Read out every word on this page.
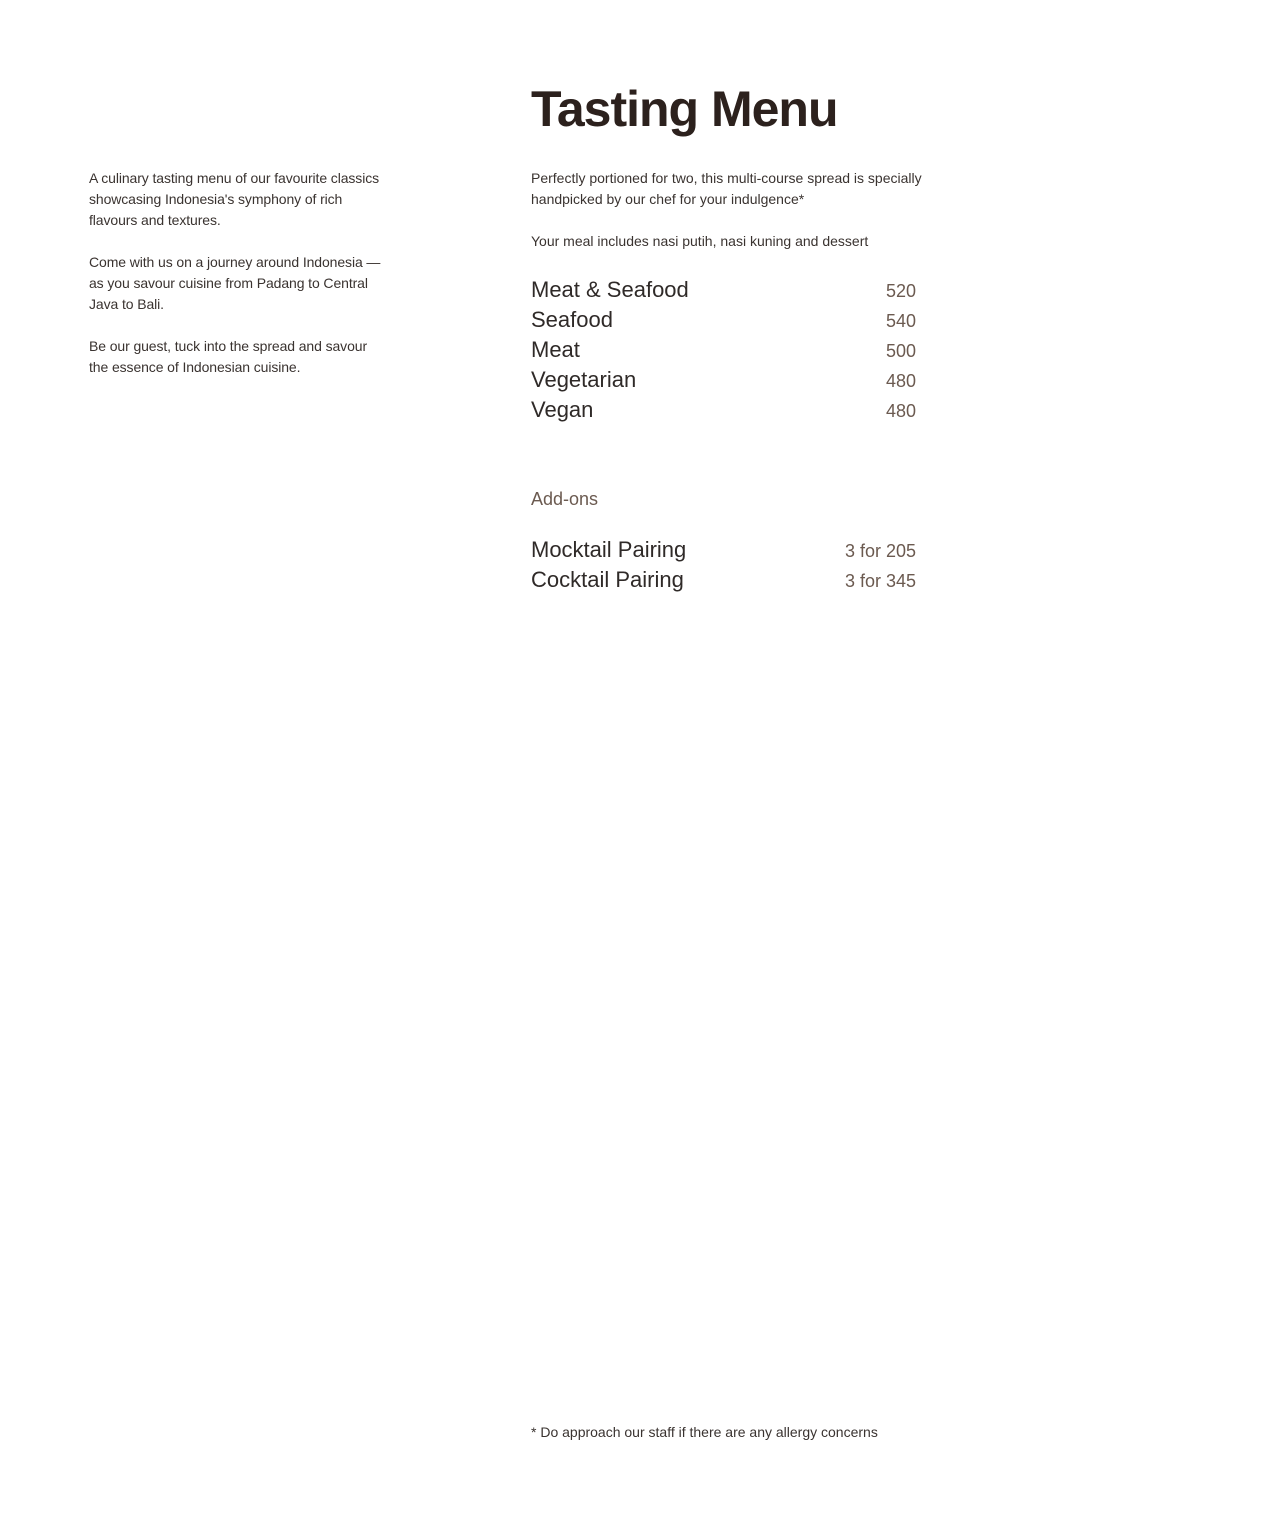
A culinary tasting menu of our favourite classics showcasing Indonesia's symphony of rich flavours and textures.

Come with us on a journey around Indonesia — as you savour cuisine from Padang to Central Java to Bali.

Be our guest, tuck into the spread and savour the essence of Indonesian cuisine.

Tasting Menu

Perfectly portioned for two, this multi-course spread is specially handpicked by our chef for your indulgence*

Your meal includes nasi putih, nasi kuning and dessert

Meat & Seafood	520
Seafood	540
Meat	500
Vegetarian	480
Vegan	480
Add-ons
Mocktail Pairing	3 for 205
Cocktail Pairing	3 for 345
* Do approach our staff if there are any allergy concerns
